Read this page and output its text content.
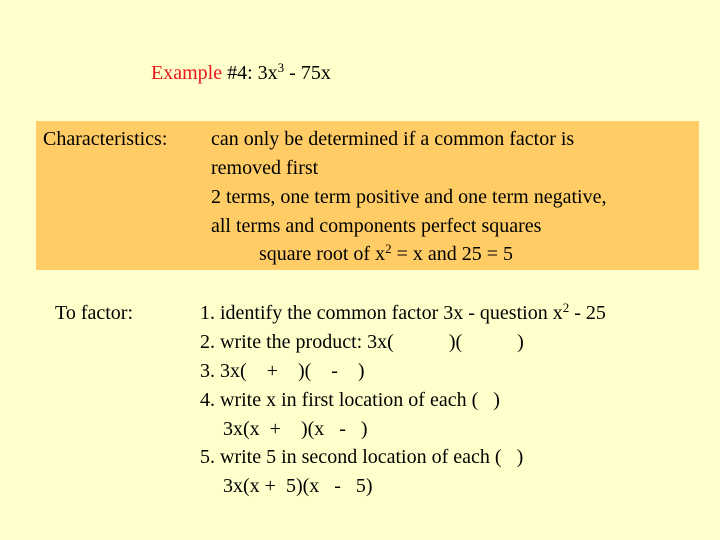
Example #4: $3x^3 - 75x$
Characteristics: can only be determined if a common factor is
removed first
2 terms, one term positive and one term negative,
all terms and components perfect squares
square root of $x^2 = x$ and 25 = 5
To factor:	1. identify the common factor 3x - question $x^2 - 25$
2. write the product: 3x(           )(           )
3. 3x(    +    )(    -    )
4. write x in first location of each (   )
3x(x  +    )(x   -   )
5. write 5 in second location of each (   )
3x(x +  5)(x   -   5)
